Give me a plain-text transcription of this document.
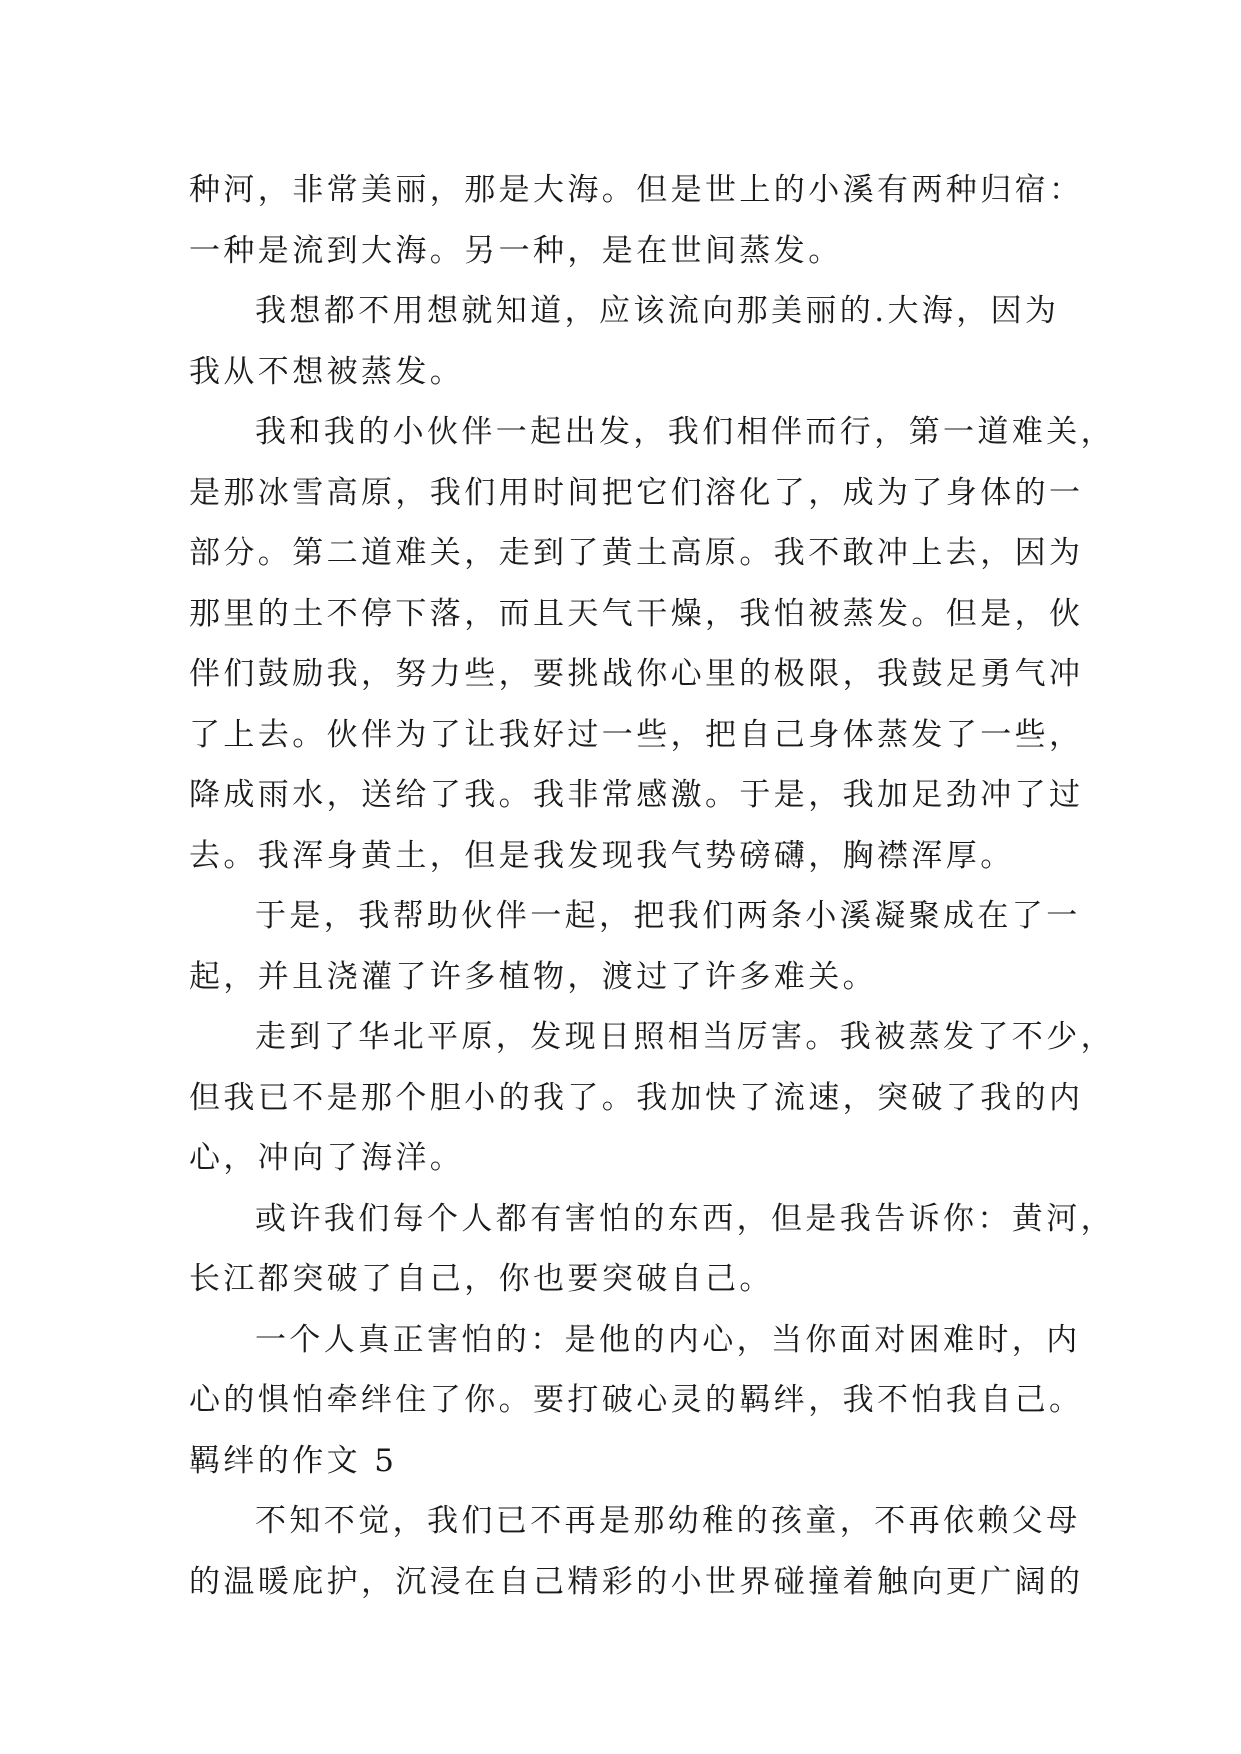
种河，非常美丽，那是大海。但是世上的小溪有两种归宿：

一种是流到大海。另一种，是在世间蒸发。

我想都不用想就知道，应该流向那美丽的.大海，因为

我从不想被蒸发。

我和我的小伙伴一起出发，我们相伴而行，第一道难关，

是那冰雪高原，我们用时间把它们溶化了，成为了身体的一

部分。第二道难关，走到了黄土高原。我不敢冲上去，因为

那里的土不停下落，而且天气干燥，我怕被蒸发。但是，伙

伴们鼓励我，努力些，要挑战你心里的极限，我鼓足勇气冲

了上去。伙伴为了让我好过一些，把自己身体蒸发了一些，

降成雨水，送给了我。我非常感激。于是，我加足劲冲了过

去。我浑身黄土，但是我发现我气势磅礴，胸襟浑厚。

于是，我帮助伙伴一起，把我们两条小溪凝聚成在了一

起，并且浇灌了许多植物，渡过了许多难关。

走到了华北平原，发现日照相当厉害。我被蒸发了不少，

但我已不是那个胆小的我了。我加快了流速，突破了我的内

心，冲向了海洋。

或许我们每个人都有害怕的东西，但是我告诉你：黄河，

长江都突破了自己，你也要突破自己。

一个人真正害怕的：是他的内心，当你面对困难时，内

心的惧怕牵绊住了你。要打破心灵的羁绊，我不怕我自己。

羁绊的作文 5

不知不觉，我们已不再是那幼稚的孩童，不再依赖父母

的温暖庇护，沉浸在自己精彩的小世界碰撞着触向更广阔的
